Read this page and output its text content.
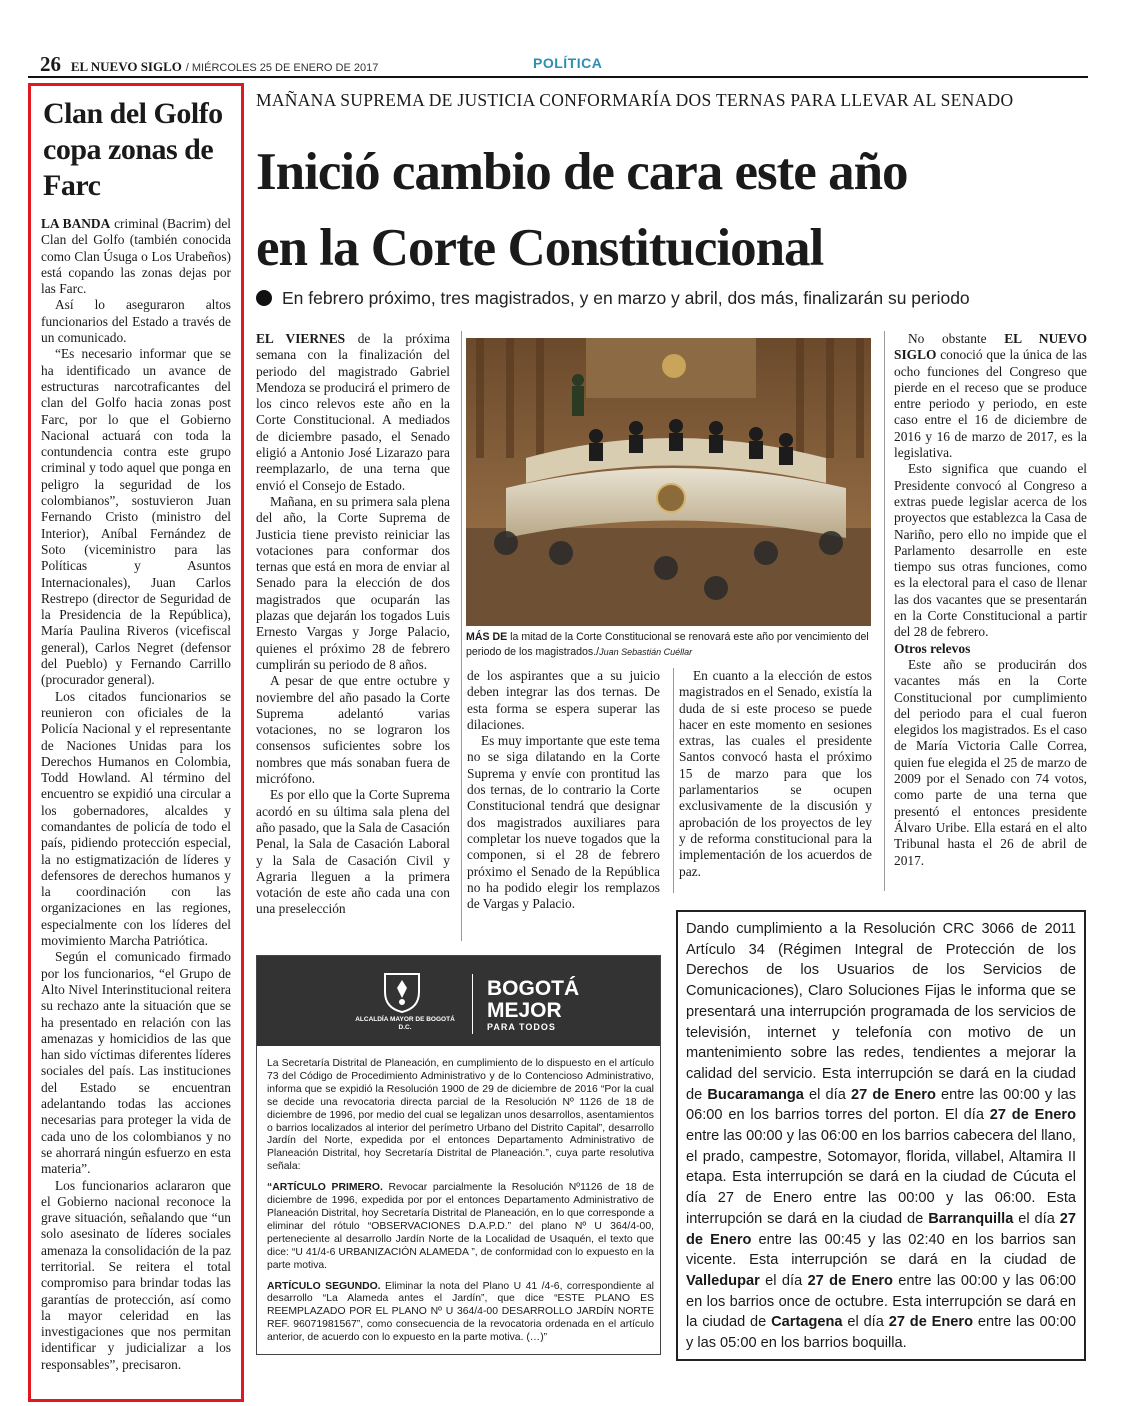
26 EL NUEVO SIGLO / MIÉRCOLES 25 DE ENERO DE 2017	POLÍTICA
Clan del Golfo copa zonas de Farc

LA BANDA criminal (Bacrim) del Clan del Golfo (también conocida como Clan Úsuga o Los Urabeños) está copando las zonas dejas por las Farc.

Así lo aseguraron altos funcionarios del Estado a través de un comunicado.

“Es necesario informar que se ha identificado un avance de estructuras narcotraficantes del clan del Golfo hacia zonas post Farc, por lo que el Gobierno Nacional actuará con toda la contundencia contra este grupo criminal y todo aquel que ponga en peligro la seguridad de los colombianos”, sostuvieron Juan Fernando Cristo (ministro del Interior), Aníbal Fernández de Soto (viceministro para las Políticas y Asuntos Internacionales), Juan Carlos Restrepo (director de Seguridad de la Presidencia de la República), María Paulina Riveros (vicefiscal general), Carlos Negret (defensor del Pueblo) y Fernando Carrillo (procurador general).

Los citados funcionarios se reunieron con oficiales de la Policía Nacional y el representante de Naciones Unidas para los Derechos Humanos en Colombia, Todd Howland. Al término del encuentro se expidió una circular a los gobernadores, alcaldes y comandantes de policía de todo el país, pidiendo protección especial, la no estigmatización de líderes y defensores de derechos humanos y la coordinación con las organizaciones en las regiones, especialmente con los líderes del movimiento Marcha Patriótica.

Según el comunicado firmado por los funcionarios, “el Grupo de Alto Nivel Interinstitucional reitera su rechazo ante la situación que se ha presentado en relación con las amenazas y homicidios de las que han sido víctimas diferentes líderes sociales del país. Las instituciones del Estado se encuentran adelantando todas las acciones necesarias para proteger la vida de cada uno de los colombianos y no se ahorrará ningún esfuerzo en esta materia”.

Los funcionarios aclararon que el Gobierno nacional reconoce la grave situación, señalando que “un solo asesinato de líderes sociales amenaza la consolidación de la paz territorial. Se reitera el total compromiso para brindar todas las garantías de protección, así como la mayor celeridad en las investigaciones que nos permitan identificar y judicializar a los responsables”, precisaron.

MAÑANA SUPREMA DE JUSTICIA CONFORMARÍA DOS TERNAS PARA LLEVAR AL SENADO
Inició cambio de cara este año
en la Corte Constitucional
En febrero próximo, tres magistrados, y en marzo y abril, dos más, finalizarán su periodo

EL VIERNES de la próxima semana con la finalización del periodo del magistrado Gabriel Mendoza se producirá el primero de los cinco relevos este año en la Corte Constitucional. A mediados de diciembre pasado, el Senado eligió a Antonio José Lizarazo para reemplazarlo, de una terna que envió el Consejo de Estado.

Mañana, en su primera sala plena del año, la Corte Suprema de Justicia tiene previsto reiniciar las votaciones para conformar dos ternas que está en mora de enviar al Senado para la elección de dos magistrados que ocuparán las plazas que dejarán los togados Luis Ernesto Vargas y Jorge Palacio, quienes el próximo 28 de febrero cumplirán su periodo de 8 años.

A pesar de que entre octubre y noviembre del año pasado la Corte Suprema adelantó varias votaciones, no se lograron los consensos suficientes sobre los nombres que más sonaban fuera de micrófono.

Es por ello que la Corte Suprema acordó en su última sala plena del año pasado, que la Sala de Casación Penal, la Sala de Casación Laboral y la Sala de Casación Civil y Agraria lleguen a la primera votación de este año cada una con una preselección

MÁS DE la mitad de la Corte Constitucional se renovará este año por vencimiento del periodo de los magistrados./Juan Sebastián Cuéllar

de los aspirantes que a su juicio deben integrar las dos ternas. De esta forma se espera superar las dilaciones.

Es muy importante que este tema no se siga dilatando en la Corte Suprema y envíe con prontitud las dos ternas, de lo contrario la Corte Constitucional tendrá que designar dos magistrados auxiliares para completar los nueve togados que la componen, si el 28 de febrero próximo el Senado de la República no ha podido elegir los remplazos de Vargas y Palacio.

En cuanto a la elección de estos magistrados en el Senado, existía la duda de si este proceso se puede hacer en este momento en sesiones extras, las cuales el presidente Santos convocó hasta el próximo 15 de marzo para que los parlamentarios se ocupen exclusivamente de la discusión y aprobación de los proyectos de ley y de reforma constitucional para la implementación de los acuerdos de paz.

No obstante EL NUEVO SIGLO conoció que la única de las ocho funciones del Congreso que pierde en el receso que se produce entre periodo y periodo, en este caso entre el 16 de diciembre de 2016 y 16 de marzo de 2017, es la legislativa.

Esto significa que cuando el Presidente convocó al Congreso a extras puede legislar acerca de los proyectos que establezca la Casa de Nariño, pero ello no impide que el Parlamento desarrolle en este tiempo sus otras funciones, como es la electoral para el caso de llenar las dos vacantes que se presentarán en la Corte Constitucional a partir del 28 de febrero.

Otros relevos

Este año se producirán dos vacantes más en la Corte Constitucional por cumplimiento del periodo para el cual fueron elegidos los magistrados. Es el caso de María Victoria Calle Correa, quien fue elegida el 25 de marzo de 2009 por el Senado con 74 votos, como parte de una terna que presentó el entonces presidente Álvaro Uribe. Ella estará en el alto Tribunal hasta el 26 de abril de 2017.

ALCALDÍA MAYOR DE BOGOTÁ D.C.
BOGOTÁ
MEJOR
PARA TODOS

La Secretaría Distrital de Planeación, en cumplimiento de lo dispuesto en el artículo 73 del Código de Procedimiento Administrativo y de lo Contencioso Administrativo, informa que se expidió la Resolución 1900 de 29 de diciembre de 2016 “Por la cual se decide una revocatoria directa parcial de la Resolución Nº 1126 de 18 de diciembre de 1996, por medio del cual se legalizan unos desarrollos, asentamientos o barrios localizados al interior del perímetro Urbano del Distrito Capital”, desarrollo Jardín del Norte, expedida por el entonces Departamento Administrativo de Planeación Distrital, hoy Secretaría Distrital de Planeación.”, cuya parte resolutiva señala:

“ARTÍCULO PRIMERO. Revocar parcialmente la Resolución Nº1126 de 18 de diciembre de 1996, expedida por por el entonces Departamento Administrativo de Planeación Distrital, hoy Secretaría Distrital de Planeación, en lo que corresponde a eliminar del rótulo “OBSERVACIONES D.A.P.D.” del plano Nº U 364/4-00, perteneciente al desarrollo Jardín Norte de la Localidad de Usaquén, el texto que dice: “U 41/4-6 URBANIZACIÓN ALAMEDA ”, de conformidad con lo expuesto en la parte motiva.

ARTÍCULO SEGUNDO. Eliminar la nota del Plano U 41 /4-6, correspondiente al desarrollo “La Alameda antes el Jardín”, que dice “ESTE PLANO ES REEMPLAZADO POR EL PLANO Nº U 364/4-00 DESARROLLO JARDÍN NORTE REF. 96071981567”, como consecuencia de la revocatoria ordenada en el artículo anterior, de acuerdo con lo expuesto en la parte motiva. (…)”

Dando cumplimiento a la Resolución CRC 3066 de 2011 Artículo 34 (Régimen Integral de Protección de los Derechos de los Usuarios de los Servicios de Comunicaciones), Claro Soluciones Fijas le informa que se presentará una interrupción programada de los servicios de televisión, internet y telefonía con motivo de un mantenimiento sobre las redes, tendientes a mejorar la calidad del servicio. Esta interrupción se dará en la ciudad de Bucaramanga el día 27 de Enero entre las 00:00 y las 06:00 en los barrios torres del porton. El día 27 de Enero entre las 00:00 y las 06:00 en los barrios cabecera del llano, el prado, campestre, Sotomayor, florida, villabel, Altamira II etapa. Esta interrupción se dará en la ciudad de Cúcuta el día 27 de Enero entre las 00:00 y las 06:00. Esta interrupción se dará en la ciudad de Barranquilla el día 27 de Enero entre las 00:45 y las 02:40 en los barrios san vicente. Esta interrupción se dará en la ciudad de Valledupar el día 27 de Enero entre las 00:00 y las 06:00 en los barrios once de octubre. Esta interrupción se dará en la ciudad de Cartagena el día 27 de Enero entre las 00:00 y las 05:00 en los barrios boquilla.
